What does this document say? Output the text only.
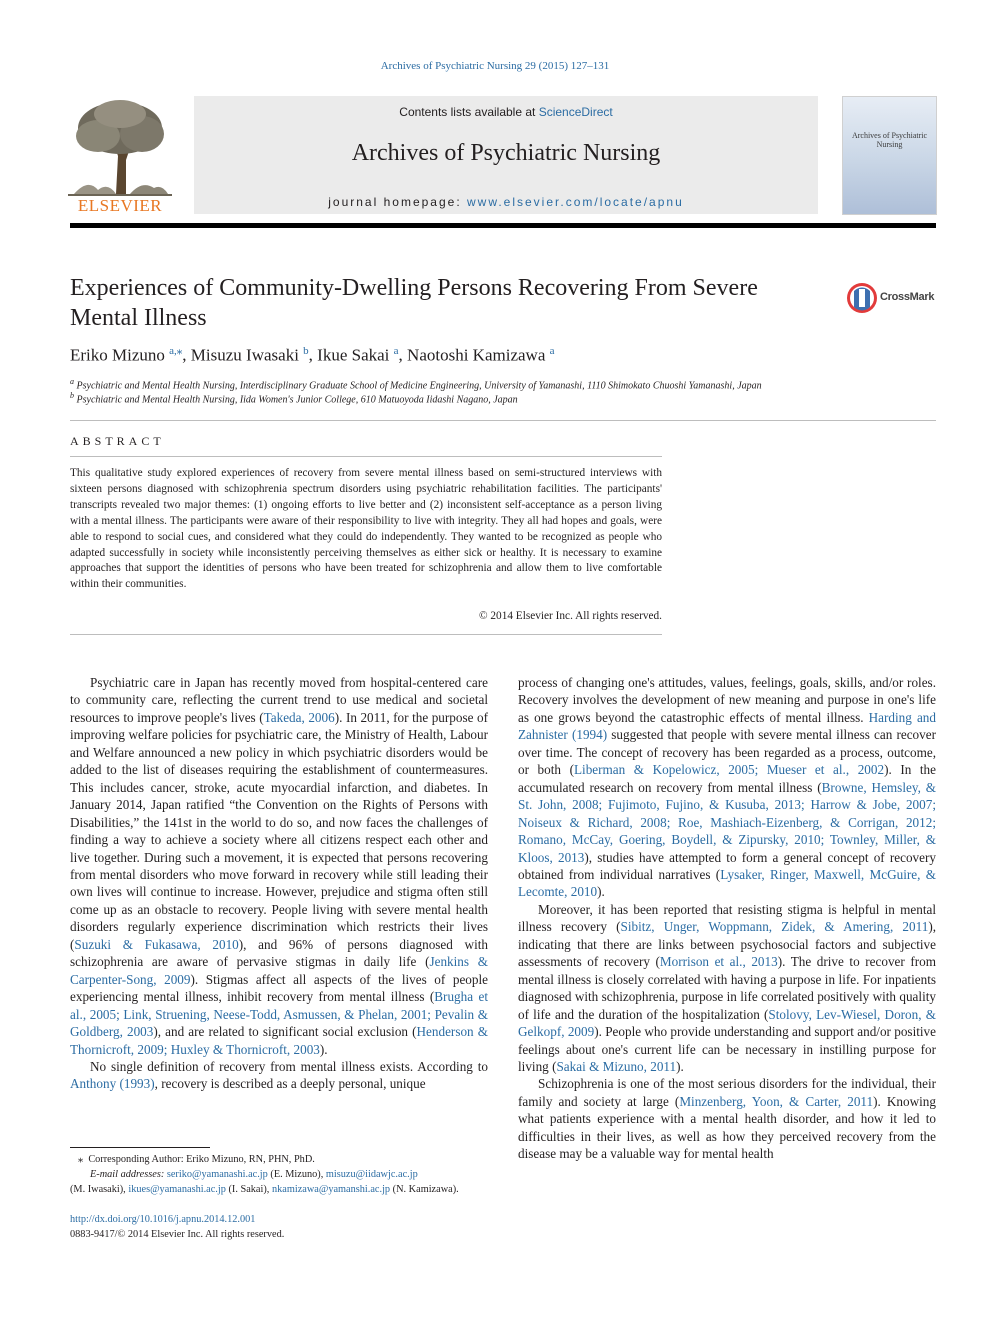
Archives of Psychiatric Nursing 29 (2015) 127–131
ELSEVIER
Contents lists available at ScienceDirect
Archives of Psychiatric Nursing
journal homepage: www.elsevier.com/locate/apnu
Archives of Psychiatric Nursing
Experiences of Community-Dwelling Persons Recovering From Severe Mental Illness
CrossMark
Eriko Mizuno $^{a,⁎}$, Misuzu Iwasaki $^b$, Ikue Sakai $^a$, Naotoshi Kamizawa $^a$
$^a$ Psychiatric and Mental Health Nursing, Interdisciplinary Graduate School of Medicine Engineering, University of Yamanashi, 1110 Shimokato Chuoshi Yamanashi, Japan
$^b$ Psychiatric and Mental Health Nursing, Iida Women's Junior College, 610 Matuoyoda Iidashi Nagano, Japan
ABSTRACT
This qualitative study explored experiences of recovery from severe mental illness based on semi-structured interviews with sixteen persons diagnosed with schizophrenia spectrum disorders using psychiatric rehabilitation facilities. The participants' transcripts revealed two major themes: (1) ongoing efforts to live better and (2) inconsistent self-acceptance as a person living with a mental illness. The participants were aware of their responsibility to live with integrity. They all had hopes and goals, were able to respond to social cues, and considered what they could do independently. They wanted to be recognized as people who adapted successfully in society while inconsistently perceiving themselves as either sick or healthy. It is necessary to examine approaches that support the identities of persons who have been treated for schizophrenia and allow them to live comfortable within their communities.
© 2014 Elsevier Inc. All rights reserved.

Psychiatric care in Japan has recently moved from hospital-centered care to community care, reflecting the current trend to use medical and societal resources to improve people's lives (Takeda, 2006). In 2011, for the purpose of improving welfare policies for psychiatric care, the Ministry of Health, Labour and Welfare announced a new policy in which psychiatric disorders would be added to the list of diseases requiring the establishment of countermeasures. This includes cancer, stroke, acute myocardial infarction, and diabetes. In January 2014, Japan ratified “the Convention on the Rights of Persons with Disabilities,” the 141st in the world to do so, and now faces the challenges of finding a way to achieve a society where all citizens respect each other and live together. During such a movement, it is expected that persons recovering from mental disorders who move forward in recovery while still leading their own lives will continue to increase. However, prejudice and stigma often still come up as an obstacle to recovery. People living with severe mental health disorders regularly experience discrimination which restricts their lives (Suzuki & Fukasawa, 2010), and 96% of persons diagnosed with schizophrenia are aware of pervasive stigmas in daily life (Jenkins & Carpenter-Song, 2009). Stigmas affect all aspects of the lives of people experiencing mental illness, inhibit recovery from mental illness (Brugha et al., 2005; Link, Struening, Neese-Todd, Asmussen, & Phelan, 2001; Pevalin & Goldberg, 2003), and are related to significant social exclusion (Henderson & Thornicroft, 2009; Huxley & Thornicroft, 2003).

No single definition of recovery from mental illness exists. According to Anthony (1993), recovery is described as a deeply personal, unique

process of changing one's attitudes, values, feelings, goals, skills, and/or roles. Recovery involves the development of new meaning and purpose in one's life as one grows beyond the catastrophic effects of mental illness. Harding and Zahnister (1994) suggested that people with severe mental illness can recover over time. The concept of recovery has been regarded as a process, outcome, or both (Liberman & Kopelowicz, 2005; Mueser et al., 2002). In the accumulated research on recovery from mental illness (Browne, Hemsley, & St. John, 2008; Fujimoto, Fujino, & Kusuba, 2013; Harrow & Jobe, 2007; Noiseux & Richard, 2008; Roe, Mashiach-Eizenberg, & Corrigan, 2012; Romano, McCay, Goering, Boydell, & Zipursky, 2010; Townley, Miller, & Kloos, 2013), studies have attempted to form a general concept of recovery obtained from individual narratives (Lysaker, Ringer, Maxwell, McGuire, & Lecomte, 2010).

Moreover, it has been reported that resisting stigma is helpful in mental illness recovery (Sibitz, Unger, Woppmann, Zidek, & Amering, 2011), indicating that there are links between psychosocial factors and subjective assessments of recovery (Morrison et al., 2013). The drive to recover from mental illness is closely correlated with having a purpose in life. For inpatients diagnosed with schizophrenia, purpose in life correlated positively with quality of life and the duration of the hospitalization (Stolovy, Lev-Wiesel, Doron, & Gelkopf, 2009). People who provide understanding and support and/or positive feelings about one's current life can be necessary in instilling purpose for living (Sakai & Mizuno, 2011).

Schizophrenia is one of the most serious disorders for the individual, their family and society at large (Minzenberg, Yoon, & Carter, 2011). Knowing what patients experience with a mental health disorder, and how it led to difficulties in their lives, as well as how they perceived recovery from the disease may be a valuable way for mental health

⁎ Corresponding Author: Eriko Mizuno, RN, PHN, PhD.
E-mail addresses: seriko@yamanashi.ac.jp (E. Mizuno), misuzu@iidawjc.ac.jp
(M. Iwasaki), ikues@yamanashi.ac.jp (I. Sakai), nkamizawa@yamanshi.ac.jp (N. Kamizawa).
http://dx.doi.org/10.1016/j.apnu.2014.12.001
0883-9417/© 2014 Elsevier Inc. All rights reserved.
